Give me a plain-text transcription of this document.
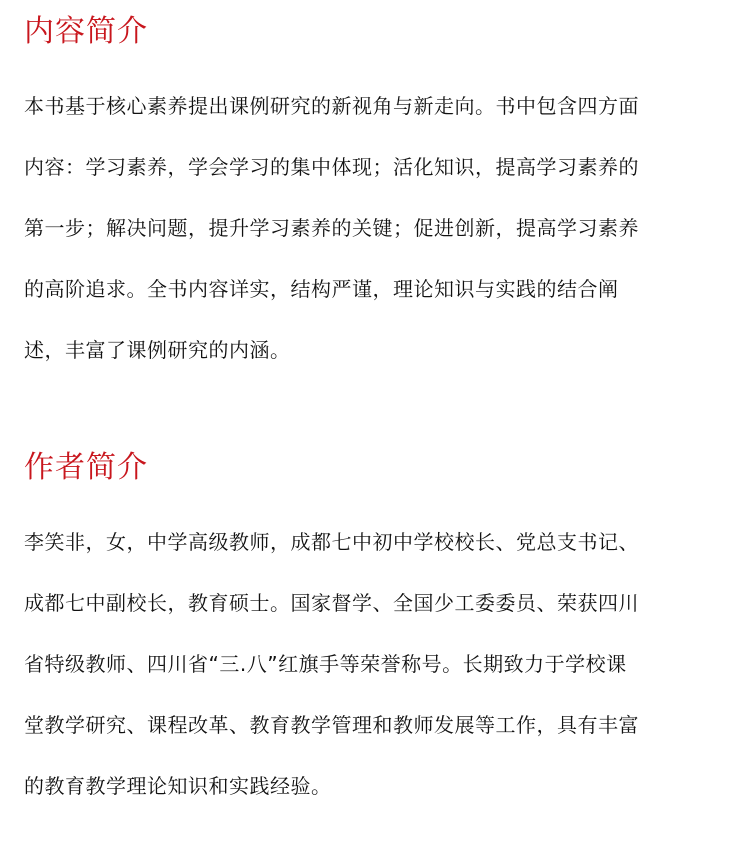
内容简介
本书基于核心素养提出课例研究的新视角与新走向。书中包含四方面
内容：学习素养，学会学习的集中体现；活化知识，提高学习素养的
第一步；解决问题，提升学习素养的关键；促进创新，提高学习素养
的高阶追求。全书内容详实，结构严谨，理论知识与实践的结合阐
述，丰富了课例研究的内涵。
作者简介
李笑非，女，中学高级教师，成都七中初中学校校长、党总支书记、
成都七中副校长，教育硕士。国家督学、全国少工委委员、荣获四川
省特级教师、四川省“三.八”红旗手等荣誉称号。长期致力于学校课
堂教学研究、课程改革、教育教学管理和教师发展等工作，具有丰富
的教育教学理论知识和实践经验。
